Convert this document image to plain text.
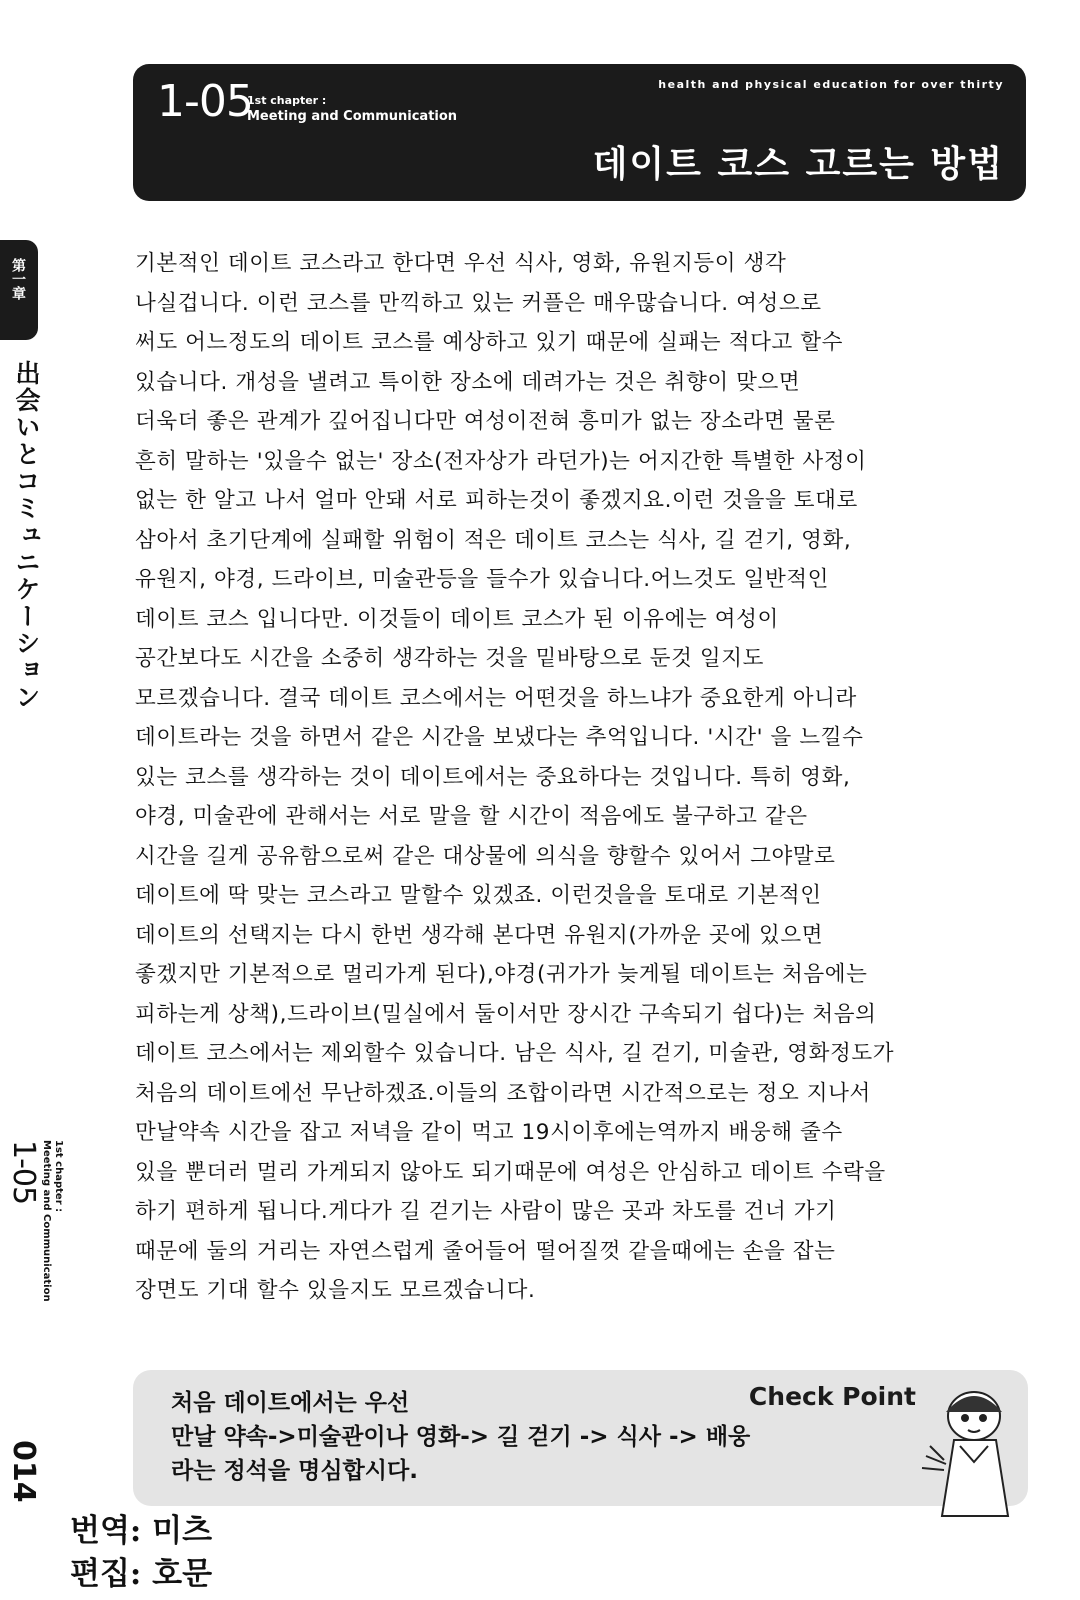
1-05
1st chapter :
Meeting and Communication
health and physical education for over thirty
데이트 코스 고르는 방법
第一章
出会いとコミュニケーション
1-05	1st chapter :
Meeting and Communication
014
기본적인 데이트 코스라고 한다면 우선 식사, 영화, 유원지등이 생각
나실겁니다. 이런 코스를 만끽하고 있는 커플은 매우많습니다. 여성으로
써도 어느정도의 데이트 코스를 예상하고 있기 때문에 실패는 적다고 할수
있습니다. 개성을 낼려고 특이한 장소에 데려가는 것은 취향이 맞으면
더욱더 좋은 관계가 깊어집니다만 여성이전혀 흥미가 없는 장소라면 물론
흔히 말하는 '있을수 없는' 장소(전자상가 라던가)는 어지간한 특별한 사정이
없는 한 알고 나서 얼마 안돼 서로 피하는것이 좋겠지요.이런 것을을 토대로
삼아서 초기단계에 실패할 위험이 적은 데이트 코스는 식사, 길 걷기, 영화,
유원지, 야경, 드라이브, 미술관등을 들수가 있습니다.어느것도 일반적인
데이트 코스 입니다만. 이것들이 데이트 코스가 된 이유에는 여성이
공간보다도 시간을 소중히 생각하는 것을 밑바탕으로 둔것 일지도
모르겠습니다. 결국 데이트 코스에서는 어떤것을 하느냐가 중요한게 아니라
데이트라는 것을 하면서 같은 시간을 보냈다는 추억입니다. '시간' 을 느낄수
있는 코스를 생각하는 것이 데이트에서는 중요하다는 것입니다. 특히 영화,
야경, 미술관에 관해서는 서로 말을 할 시간이 적음에도 불구하고 같은
시간을 길게 공유함으로써 같은 대상물에 의식을 향할수 있어서 그야말로
데이트에 딱 맞는 코스라고 말할수 있겠죠. 이런것을을 토대로 기본적인
데이트의 선택지는 다시 한번 생각해 본다면 유원지(가까운 곳에 있으면
좋겠지만 기본적으로 멀리가게 된다),야경(귀가가 늦게될 데이트는 처음에는
피하는게 상책),드라이브(밀실에서 둘이서만 장시간 구속되기 쉽다)는 처음의
데이트 코스에서는 제외할수 있습니다. 남은 식사, 길 걷기, 미술관, 영화정도가
처음의 데이트에선 무난하겠죠.이들의 조합이라면 시간적으로는 정오 지나서
만날약속 시간을 잡고 저녁을 같이 먹고 19시이후에는역까지 배웅해 줄수
있을 뿐더러 멀리 가게되지 않아도 되기때문에 여성은 안심하고 데이트 수락을
하기 편하게 됩니다.게다가 길 걷기는 사람이 많은 곳과 차도를 건너 가기
때문에 둘의 거리는 자연스럽게 줄어들어 떨어질껏 같을때에는 손을 잡는
장면도 기대 할수 있을지도 모르겠습니다.
Check Point
처음 데이트에서는 우선
만날 약속->미술관이나 영화-> 길 걷기 -> 식사 -> 배웅
라는 정석을 명심합시다.
번역: 미츠
편집: 호문
